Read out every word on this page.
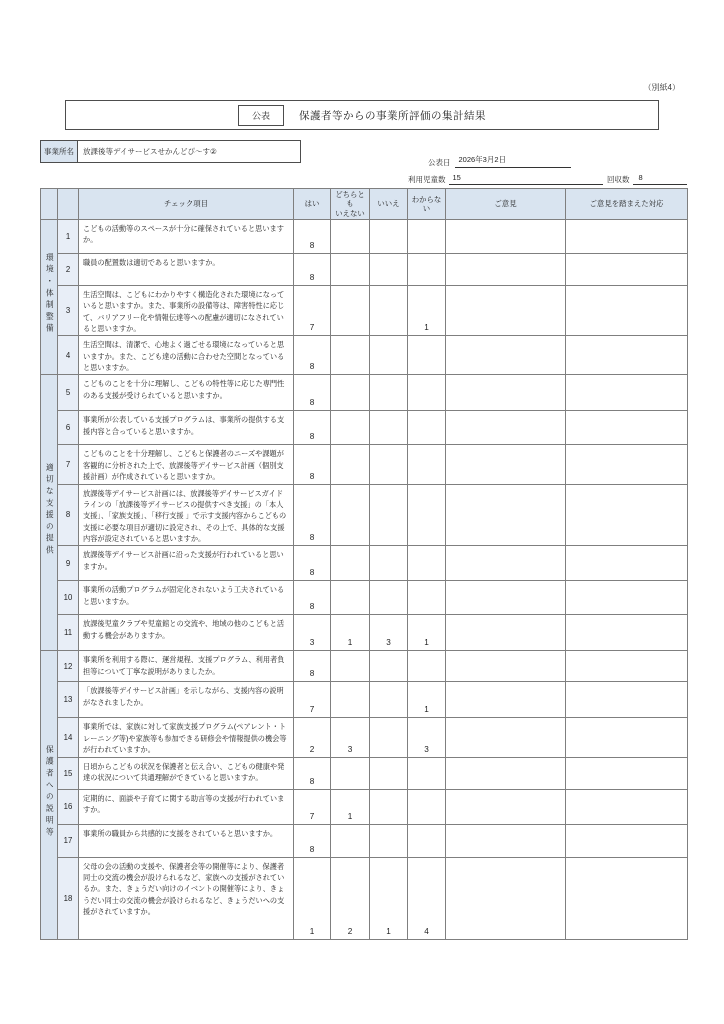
（別紙4）
公表	保護者等からの事業所評価の集計結果
事業所名	放課後等デイサービスせかんどぴ～す②
公表日	2026年3月2日
利用児童数 15	回収数	8
		チェック項目	はい	どちらとも
いえない	いいえ	わからない	ご意見	ご意見を踏まえた対応
環境・体制整備	1	こどもの活動等のスペースが十分に確保されていると思いますか。	8					
	2	職員の配置数は適切であると思いますか。	8					
	3	生活空間は、こどもにわかりやすく構造化された環境になっていると思いますか。また、事業所の設備等は、障害特性に応じて、バリアフリー化や情報伝達等への配慮が適切になされていると思いますか。	7			1		
	4	生活空間は、清潔で、心地よく過ごせる環境になっていると思いますか。また、こども達の活動に合わせた空間となっていると思いますか。	8					
適切な支援の提供	5	こどものことを十分に理解し、こどもの特性等に応じた専門性のある支援が受けられていると思いますか。	8					
	6	事業所が公表している支援プログラムは、事業所の提供する支援内容と合っていると思いますか。	8					
	7	こどものことを十分理解し、こどもと保護者のニーズや課題が客観的に分析された上で、放課後等デイサービス計画（個別支援計画）が作成されていると思いますか。	8					
	8	放課後等デイサービス計画には、放課後等デイサービスガイドラインの「放課後等デイサービスの提供すべき支援」の「本人支援」、「家族支援」、「移行支援 」で示す支援内容からこどもの支援に必要な項目が適切に設定され、その上で、具体的な支援内容が設定されていると思いますか。	8					
	9	放課後等デイサービス計画に沿った支援が行われていると思いますか。	8					
	10	事業所の活動プログラムが固定化されないよう工夫されていると思いますか。	8					
	11	放課後児童クラブや児童館との交流や、地域の他のこどもと活動する機会がありますか。	3	1	3	1		
保護者への説明等	12	事業所を利用する際に、運営規程、支援プログラム、利用者負担等について丁寧な説明がありましたか。	8					
	13	「放課後等デイサービス計画」を示しながら、支援内容の説明がなされましたか。	7			1		
	14	事業所では、家族に対して家族支援プログラム(ペアレント・トレーニング等)や家族等も参加できる研修会や情報提供の機会等が行われていますか。	2	3		3		
	15	日頃からこどもの状況を保護者と伝え合い、こどもの健康や発達の状況について共通理解ができていると思いますか。	8					
	16	定期的に、面談や子育てに関する助言等の支援が行われていますか。	7	1				
	17	事業所の職員から共感的に支援をされていると思いますか。	8					
	18	父母の会の活動の支援や、保護者会等の開催等により、保護者同士の交流の機会が設けられるなど、家族への支援がされているか。また、きょうだい向けのイベントの開催等により、きょうだい同士の交流の機会が設けられるなど、きょうだいへの支援がされていますか。	1	2	1	4		
